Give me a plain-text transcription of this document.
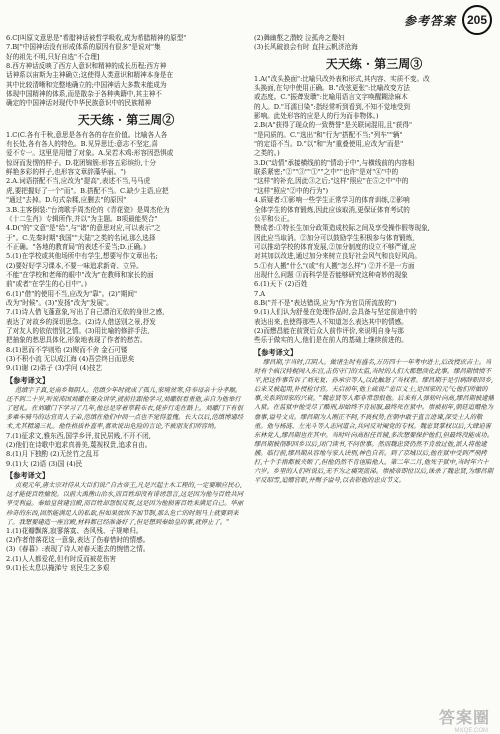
参考答案 205

6.C[叫原文意思是"希腊神话被哲学吸收,成为希腊精神的原型"

7.B["中国神话没有形成体系的原因有很多"是说对"集

好的祖先不明,只好自选"不合理]

8.西方神话反映了西方人意识和精神的成长历程;西方神

话神系以宙斯为主神确立;这使得人类意识和精神本身是在

其中比较清晰和完整地确立的;中国神话大多数未能成为

体现中国精神的体系,而是散杂于各种典籍中,其主神不

确定的中国神话对现代中华民族意识中的民族精神

天天练 · 第三周②

1.C(C.各有千秋,意思是各有各的存在价值。比喻各人各

有长处,各有各人的特色。B.见异思迁:意志不坚定,喜

爱不专一。这里是用错了对象。A.呆若木鸡:形容因恐惧或

惊讶而发愣的样子。D.花团锦簇:形容五彩缤纷,十分

鲜艳多彩的样子,也形容文章辞藻华丽。")

2.A.词语搭配不当,应改为"提高",表述不当,马马虎

虎,要把握好了一个"而"。B.搭配不当。C.缺少主语,应把

"通过"去掉。D.句式杂糅,应删去"的原因"

3.B.主客倒装:"台湾歌手周杰伦的《青花瓷》是周杰伦为

《十二生肖》专辑所作,并以"为主题。B项最能契合"

4.D("的"文意"是"给",与"诸"的意思对应,可以表示"之

于"。C.先秦时期"我国""大陆"之类的名词,那么选择

不正确。"各地的教育局"的表述不妥当;D.正确。)

5.(1)在学校或其他场所中有学生,想要写作文章出名;

(2)要好好学习课本,不要一味追求新奇、立异。

不能"在学校和老师的眼中"改为"在教师和家长的面

前"或者"在学生的心目中"。)

6.(1)"借"的使用不当,应改为"靠"。(2)"期间"

改为"时候"。(3)"发扬"改为"发展"。

7.(1)诗人借飞蓬意象,写出了自己漂泊无依的身世之感,

表达了对故乡的深切思念。(2)诗人借送别之景,抒发

了对友人的依依惜别之情。(3)用比喻的修辞手法,

把抽象的愁思具体化,形象地表现了作者的愁苦。

8.(1)思而不学则殆 (2)锲而不舍 金石可镂

(3)不积小流 无以成江海 (4)吾尝终日而思矣

9.(1)谢 (2)弟子 (3)学问 (4)技艺

【参考译文】
范缜字子真,是南乡舞阴人。范缜少年时就成了孤儿,家境贫寒,侍奉母亲十分孝顺。还不到二十岁,听说沛国刘瓛在聚众讲学,就前往跟他学习,刘瓛很看重他,亲自为他举行了冠礼。在刘瓛门下学习了几年,他总是穿着草鞋布衣,徒步行走在路上。刘瓛门下有很多乘车骑马的达官贵人子弟,范缜在他们中间一点也不觉得羞愧。长大以后,范缜博通经术,尤其精通三礼。他性格质朴直率,喜欢说出危险的言论,不被朋友们所容纳。

7.(1)征求文,雅东西,国学乡评,贫民居贱,不开不闭,

(2)他们在诗歌中追求真善美,蔑视权贵,追求自由。

8.(1)月下独酌 (2)无丝竹之乱耳

9.(1)大 (2)语 (3)国 (4)民

【参考译文】
贞观元年,唐太宗对侍从大臣们说:"自古帝王,凡是兴起土木工程的,一定要顺应民心,这才能使百姓愉悦。以前大禹凿山治水,而百姓却没有诽谤怨言,这是因为他与百姓共同享受利益。秦始皇营建宫殿,而百姓却怨恨反叛,这是因为他损害百姓来满足自己。华丽珍奇的东西,固然能满足人的私欲,但如果放纵不加节制,那么危亡的时刻马上就要到来了。我想要建造一座宫殿,材料都已经准备好了,但是想到秦始皇的事,就停止了。"

1.(1)花瓣飘落,寂寥落寞、杏风残、子规啼归。

(2)作者借落花这一意象,表达了伤春惜时的情感。

(3)《春暮》:表现了诗人对春天逝去的惋惜之情。

2.(1)人人都爱花,但有时反而被花伤害

9.(1)长太息以掩涕兮 哀民生之多艰

(2)舞幽壑之潜蛟 泣孤舟之嫠妇

(3)长风破浪会有时 直挂云帆济沧海

天天练 · 第三周③

1.A("改头换面":比喻只改外表和形式,其内容、实质不变。改

头换面,在句中使用正确。B."改弦更张":比喻改变方法

或态度。C."振聋发聩":比喻用语言文字唤醒糊涂麻木

的人。D."耳濡目染":指经常听到看到,不知不觉地受到

影响。此处形容的应是人的行为而非物体。)

2.B(A"获得了现众的一致赞誉"是关联词混用,且"获得"

"是同质的。C."选出"和"行为"搭配不当;"列车""辆"

"的定语不当。D."以"和"为"重叠使用,应改为"而是"

之类的。)

3.D("动情"承接横线前的"情动于中",与横线前的内容相

联系紧密;"②""③""①""之中""也许"是对"④"中的

"这样"的补充,因此③之后;"这样"照应"在⑤之中"中的

"这样"照应"②中的行为")

4.质疑者:①影响一些学生正常学习的体育训练,②影响

全体学生的体育锻炼,因此应该取消,更保证体育考试的

公平和公正。

赞成者:①特长生加分政策造成校际之间及享受操作假等现象,

因此应当取消。②加分可以鼓励学生积极参与体育锻炼,

可以推动学校的体育发展,②加分制度的设立不够严谨,应

对其加以改进,通过加分来树立良好社会风气和良好风尚。

5.①有人搬"什么"(或"有人搬"怎么样") ②并不是一方面

出现什么问题 ③而科学是否能够研究这种奇妙的现象

6.(1)天下 (2)百姓

7.A

8.B("并不是"表达错误,应为"作为官员所流放的")

9.(1)人们认为舒曼在处理作品时,会具备与坚定前途中的

表达出来,也使得那些人不知道怎么表达其中的情感。

(2)而懋昌能在前贤后众人前作评价,来说明自身与那

些乐于做实的人,他们是在前人的基础上继续前进的。

【参考译文】
缪昌期,字当时,江阴人。做诸生时有盛名,万历四十一年考中进士,后改授庶吉士。当时有个疯汉持棍闯入东宫,击伤守门的太监,当时的人们大都想淡化此事。缪昌期愤愤不平,把这件事告诉了刘光复、孙承宗等人,以此触怒了当权者。缪昌期于是引病辞职回乡,后来又被起用,补授检讨官。天启初年,他上疏说:"忠臣义士,是国家的元气;他们所做的事,关系到国家的兴衰。"魏忠贤等人都非常怨恨他。后来有人弹劾叶向高,缪昌期被逮捕入狱。在监狱中他受尽了酷刑,却始终不肯屈服,最终死在狱中。崇祯初年,朝廷追赠他为詹事,谥号文贞。缪昌期为人刚正不阿,不畏权势,在朝中敢于直言进谏,深受士人的敬重。他与杨涟、左光斗等人志同道合,共同反对阉党的专权。魏忠贤掌权以后,大肆迫害东林党人,缪昌期也在其中。当时叶向高担任首辅,多次想要保护他们,但最终没能成功。缪昌期被削职回乡以后,闭门读书,不问世事。然而魏忠贤仍然不肯放过他,派人将他逮捕。临行前,缪昌期从容地与家人诀别,神色自若。到了京城以后,他在狱中受到严刑拷打,十个手指都被夹断了,但他仍然不肯诬陷他人。第二年二月,他死于狱中,当时年六十六岁。乡里的人们听说后,无不为之痛哭流涕。崇祯帝即位以后,诛杀了魏忠贤,为缪昌期平反昭雪,追赠官职,并赐予谥号,以表彰他的忠贞节义。
答案圈
MXQE.COM
